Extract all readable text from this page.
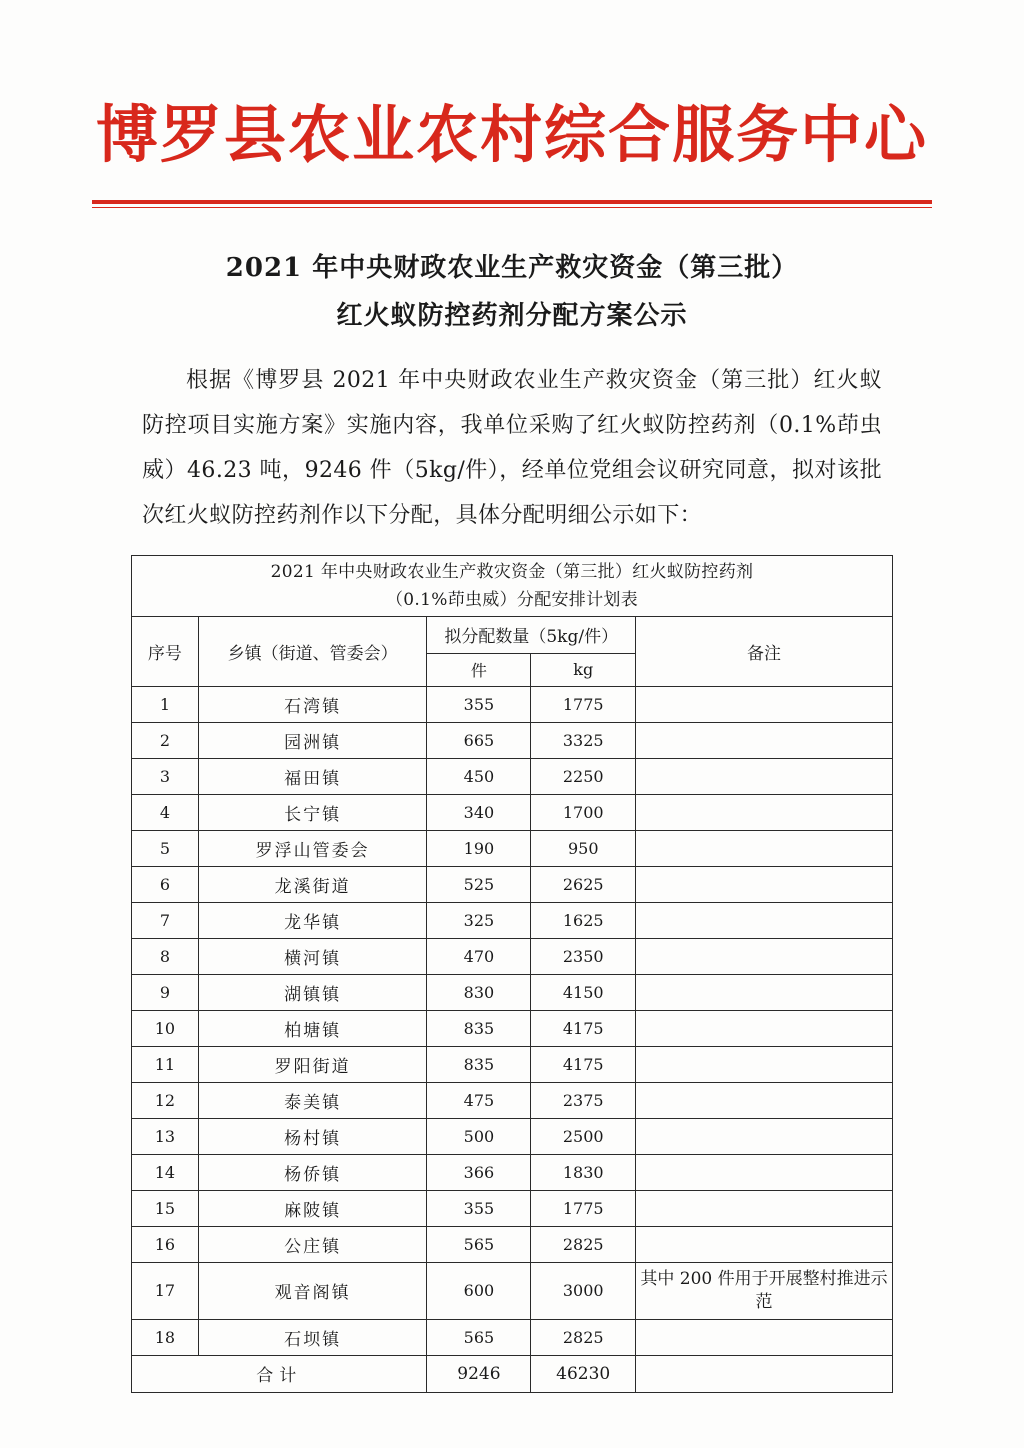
博罗县农业农村综合服务中心
2021 年中央财政农业生产救灾资金（第三批）
红火蚁防控药剂分配方案公示
根据《博罗县 2021 年中央财政农业生产救灾资金（第三批）红火蚁防控项目实施方案》实施内容，我单位采购了红火蚁防控药剂（0.1%茚虫威）46.23 吨，9246 件（5kg/件），经单位党组会议研究同意，拟对该批次红火蚁防控药剂作以下分配，具体分配明细公示如下：
2021 年中央财政农业生产救灾资金（第三批）红火蚁防控药剂
（0.1%茚虫威）分配安排计划表				

序号	乡镇（街道、管委会）	拟分配数量（5kg/件）		备注
		件	kg	
1	石湾镇	355	1775	
2	园洲镇	665	3325	
3	福田镇	450	2250	
4	长宁镇	340	1700	
5	罗浮山管委会	190	950	
6	龙溪街道	525	2625	
7	龙华镇	325	1625	
8	横河镇	470	2350	
9	湖镇镇	830	4150	
10	柏塘镇	835	4175	
11	罗阳街道	835	4175	
12	泰美镇	475	2375	
13	杨村镇	500	2500	
14	杨侨镇	366	1830	
15	麻陂镇	355	1775	
16	公庄镇	565	2825	
17	观音阁镇	600	3000	其中 200 件用于开展整村推进示范
18	石坝镇	565	2825	
合计		9246	46230	
